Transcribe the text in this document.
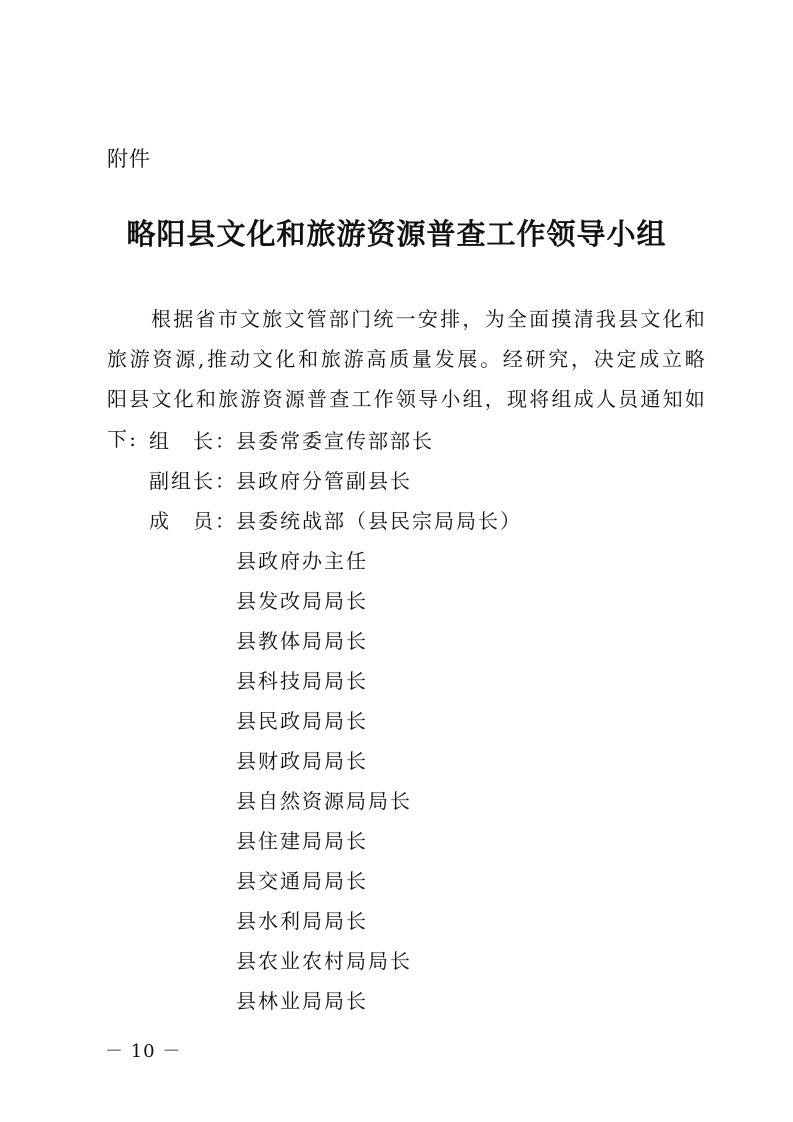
附件
略阳县文化和旅游资源普查工作领导小组
根据省市文旅文管部门统一安排，为全面摸清我县文化和旅游资源,推动文化和旅游高质量发展。经研究，决定成立略阳县文化和旅游资源普查工作领导小组，现将组成人员通知如下: 组　长： 县委常委宣传部部长
副组长： 县政府分管副县长
成　员： 县委统战部（县民宗局局长）
县政府办主任
县发改局局长
县教体局局长
县科技局局长
县民政局局长
县财政局局长
县自然资源局局长
县住建局局长
县交通局局长
县水利局局长
县农业农村局局长
县林业局局长
－ 10 －
